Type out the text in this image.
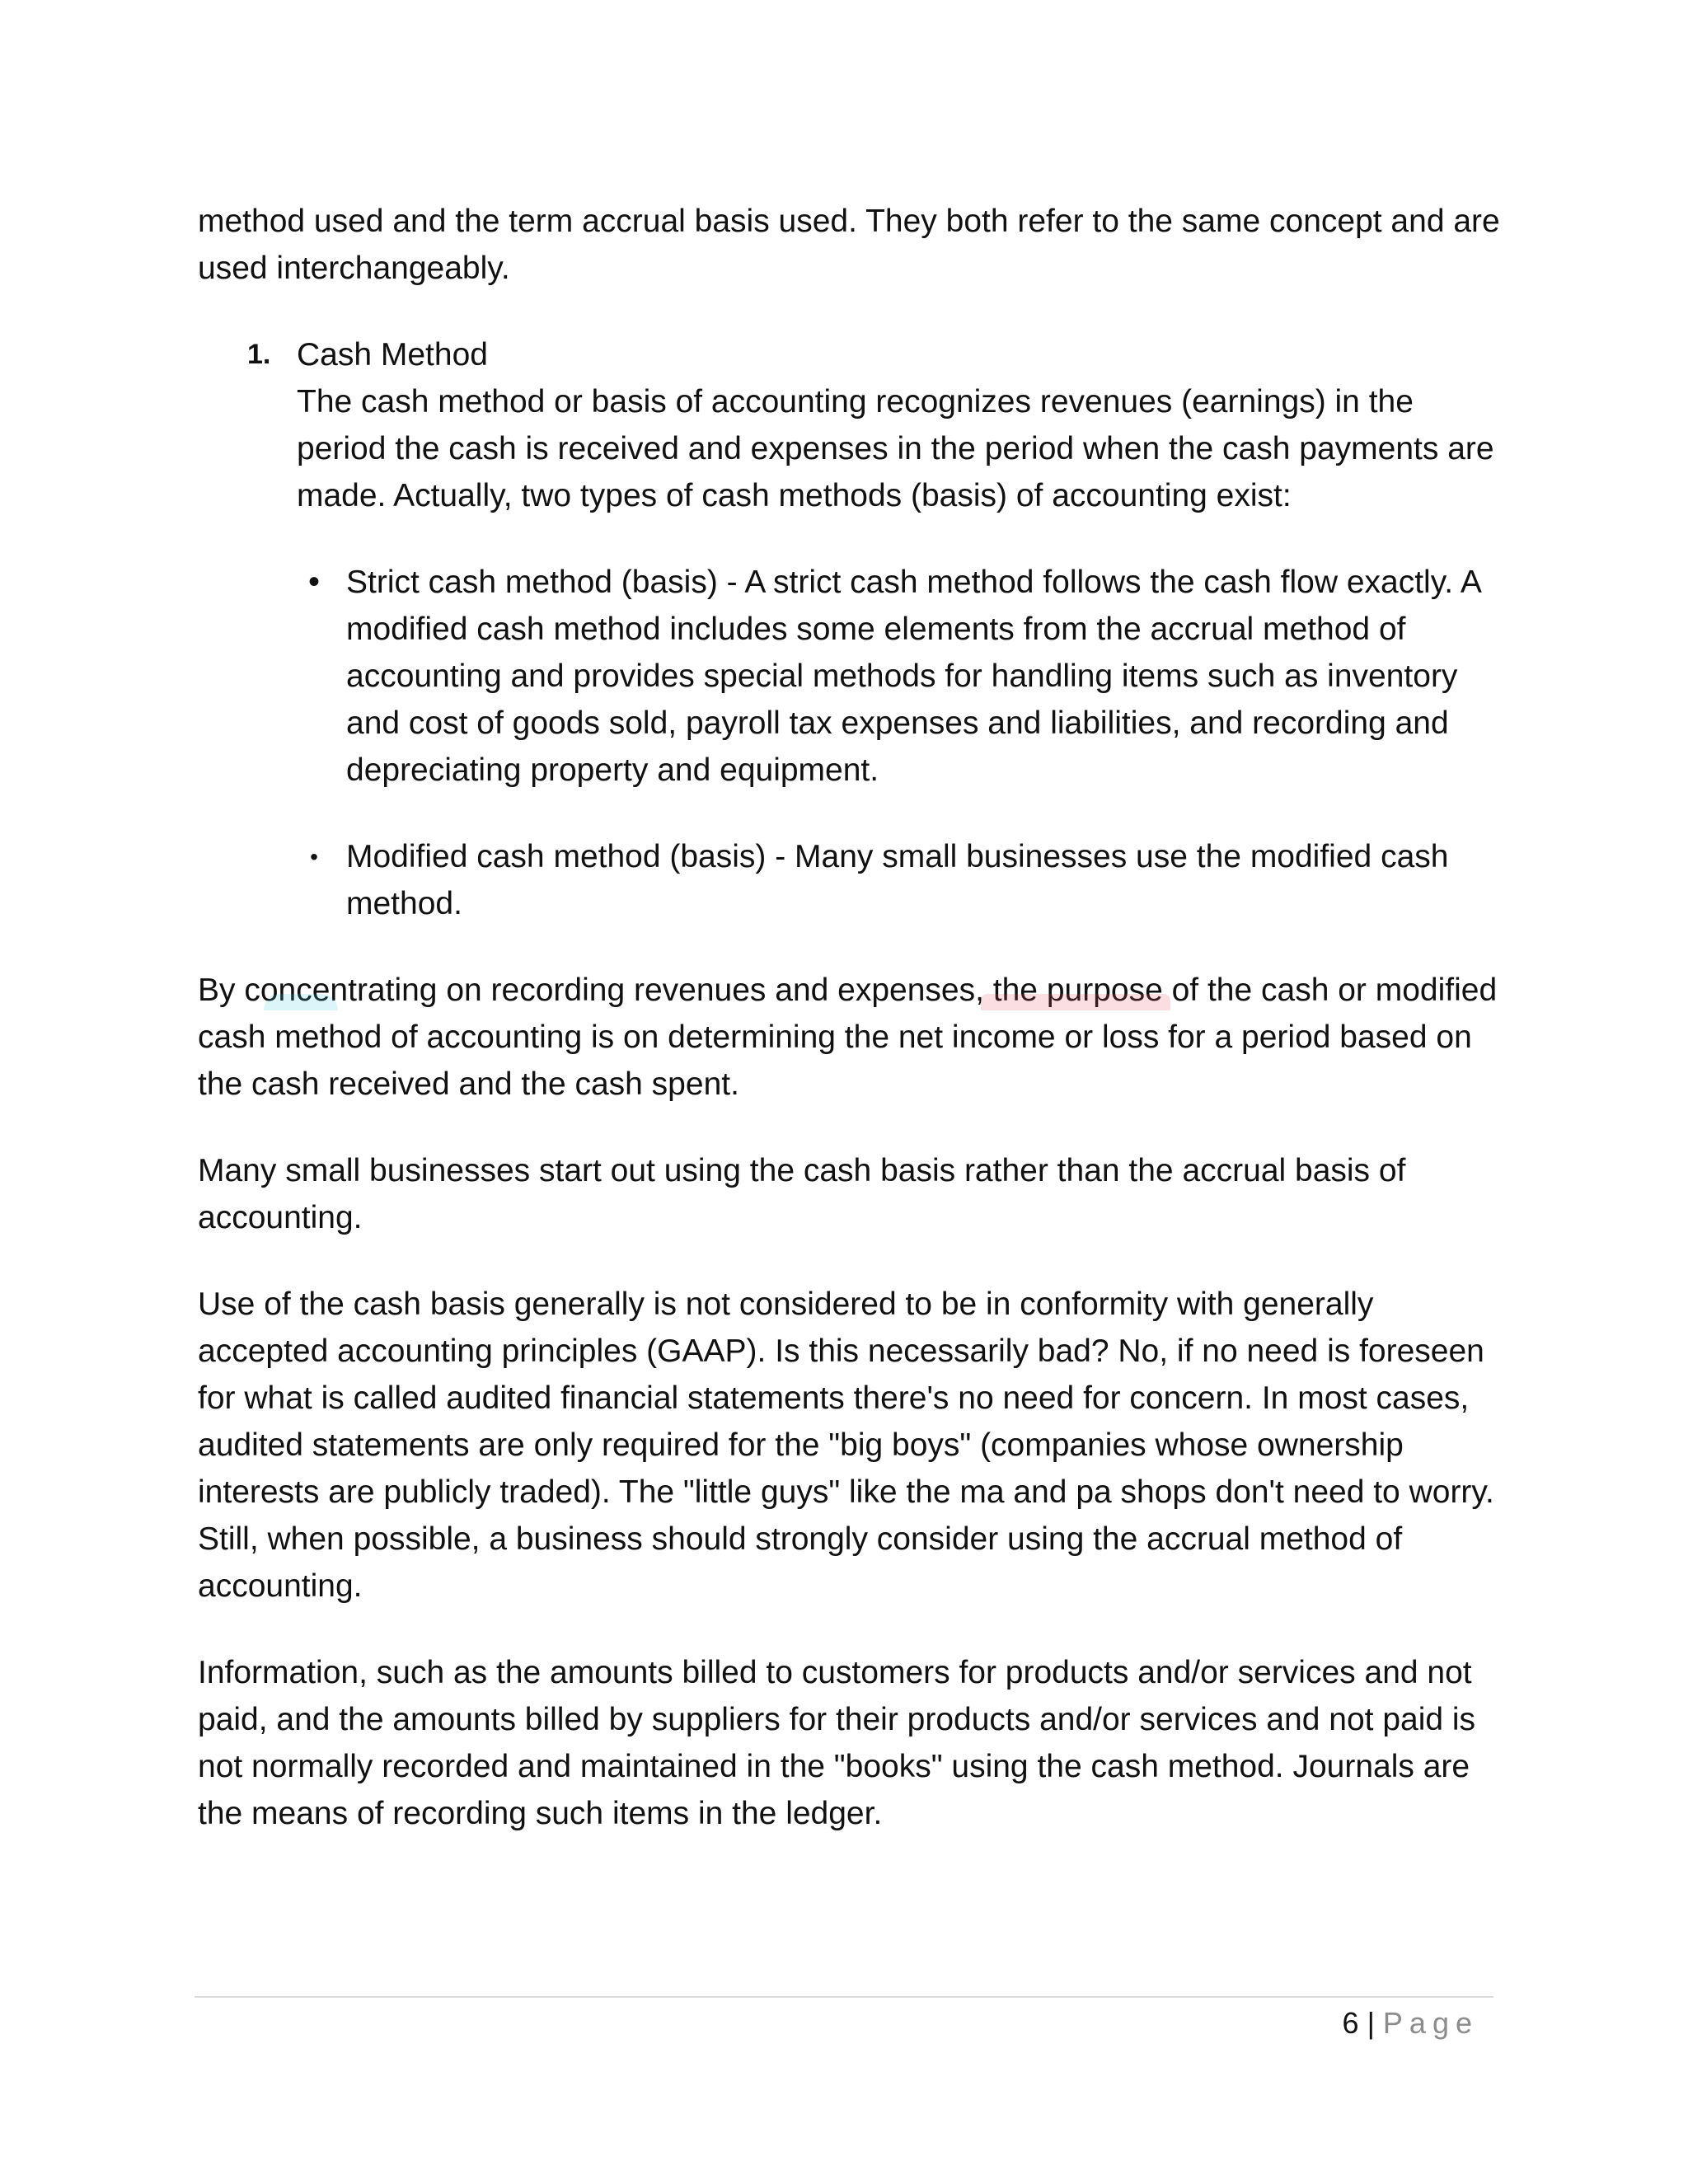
method used and the term accrual basis used. They both refer to the same concept and are used interchangeably.

1. Cash Method

The cash method or basis of accounting recognizes revenues (earnings) in the period the cash is received and expenses in the period when the cash payments are made. Actually, two types of cash methods (basis) of accounting exist:

• Strict cash method (basis) - A strict cash method follows the cash flow exactly. A modified cash method includes some elements from the accrual method of accounting and provides special methods for handling items such as inventory and cost of goods sold, payroll tax expenses and liabilities, and recording and depreciating property and equipment.

• Modified cash method (basis) - Many small businesses use the modified cash method.

By concentrating on recording revenues and expenses, the purpose of the cash or modified cash method of accounting is on determining the net income or loss for a period based on the cash received and the cash spent.

Many small businesses start out using the cash basis rather than the accrual basis of accounting.

Use of the cash basis generally is not considered to be in conformity with generally accepted accounting principles (GAAP). Is this necessarily bad? No, if no need is foreseen for what is called audited financial statements there's no need for concern. In most cases, audited statements are only required for the "big boys" (companies whose ownership interests are publicly traded). The "little guys" like the ma and pa shops don't need to worry. Still, when possible, a business should strongly consider using the accrual method of accounting.

Information, such as the amounts billed to customers for products and/or services and not paid, and the amounts billed by suppliers for their products and/or services and not paid is not normally recorded and maintained in the "books" using the cash method. Journals are the means of recording such items in the ledger.

6 | Page
